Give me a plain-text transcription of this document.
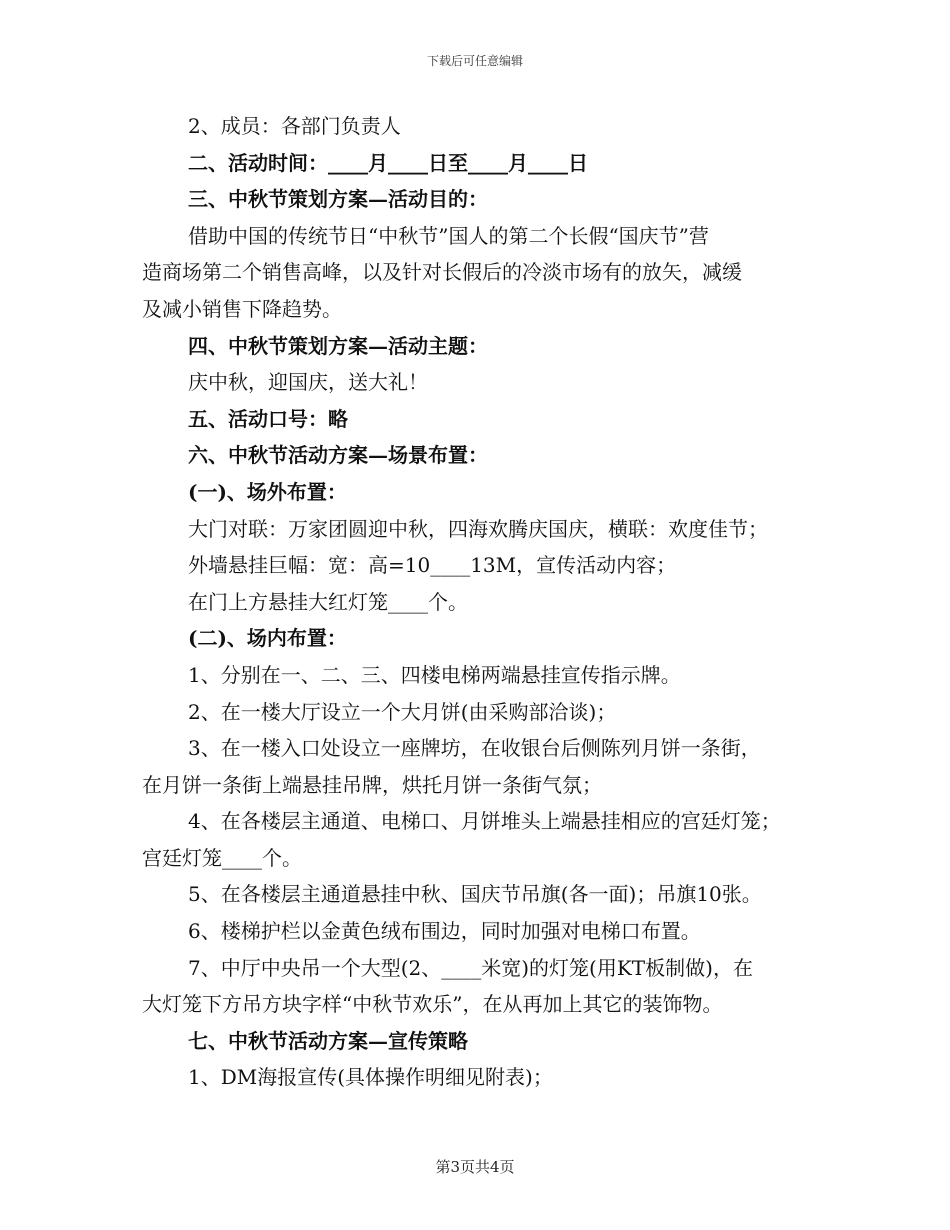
下载后可任意编辑
2、成员：各部门负责人
二、活动时间：____月____日至____月____日
三、中秋节策划方案—活动目的：
借助中国的传统节日“中秋节”国人的第二个长假“国庆节”营
造商场第二个销售高峰，以及针对长假后的冷淡市场有的放矢，减缓
及减小销售下降趋势。
四、中秋节策划方案—活动主题：
庆中秋，迎国庆，送大礼！
五、活动口号：略
六、中秋节活动方案—场景布置：
(一)、场外布置：
大门对联：万家团圆迎中秋，四海欢腾庆国庆，横联：欢度佳节；
外墙悬挂巨幅：宽：高=10____13M，宣传活动内容；
在门上方悬挂大红灯笼____个。
(二)、场内布置：
1、分别在一、二、三、四楼电梯两端悬挂宣传指示牌。
2、在一楼大厅设立一个大月饼(由采购部洽谈)；
3、在一楼入口处设立一座牌坊，在收银台后侧陈列月饼一条街，
在月饼一条街上端悬挂吊牌，烘托月饼一条街气氛；
4、在各楼层主通道、电梯口、月饼堆头上端悬挂相应的宫廷灯笼；
宫廷灯笼____个。
5、在各楼层主通道悬挂中秋、国庆节吊旗(各一面)；吊旗10张。
6、楼梯护栏以金黄色绒布围边，同时加强对电梯口布置。
7、中厅中央吊一个大型(2、____米宽)的灯笼(用KT板制做)，在
大灯笼下方吊方块字样“中秋节欢乐”，在从再加上其它的装饰物。
七、中秋节活动方案—宣传策略
1、DM海报宣传(具体操作明细见附表)；
第3页共4页
